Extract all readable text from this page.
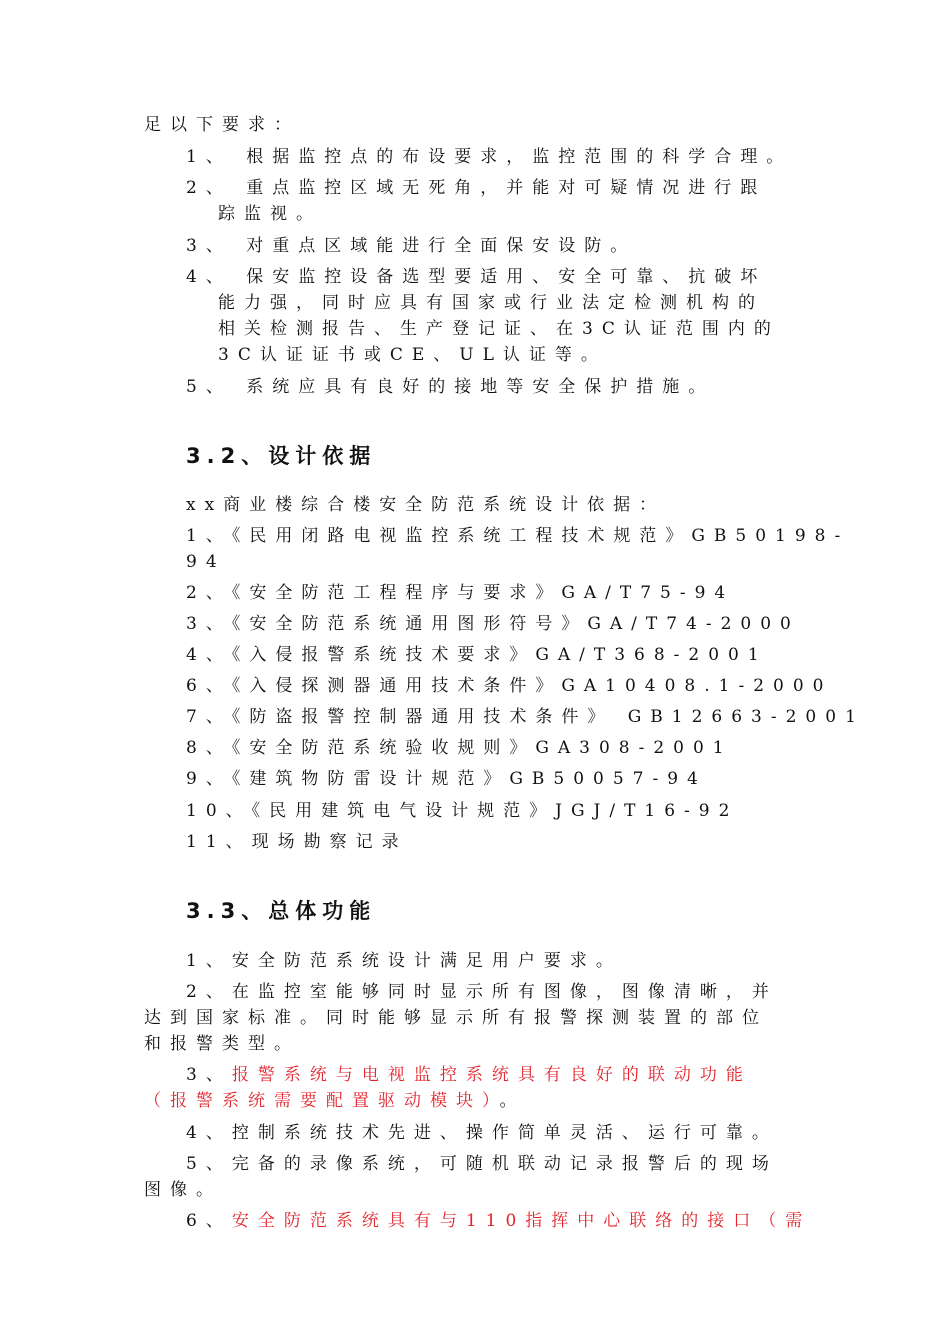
足以下要求：
1、 根据监控点的布设要求，监控范围的科学合理。
2、 重点监控区域无死角，并能对可疑情况进行跟
踪监视。
3、 对重点区域能进行全面保安设防。
4、 保安监控设备选型要适用、安全可靠、抗破坏
能力强，同时应具有国家或行业法定检测机构的
相关检测报告、生产登记证、在3C认证范围内的
3C认证证书或CE、UL认证等。
5、 系统应具有良好的接地等安全保护措施。
3.2、设计依据
xx商业楼综合楼安全防范系统设计依据：
1、《民用闭路电视监控系统工程技术规范》GB50198-
94
2、《安全防范工程程序与要求》GA/T75-94
3、《安全防范系统通用图形符号》GA/T74-2000
4、《入侵报警系统技术要求》GA/T368-2001
6、《入侵探测器通用技术条件》GA10408.1-2000
7、《防盗报警控制器通用技术条件》 GB12663-2001
8、《安全防范系统验收规则》GA308-2001
9、《建筑物防雷设计规范》GB50057-94
10、《民用建筑电气设计规范》JGJ/T16-92
11、现场勘察记录
3.3、总体功能
1、安全防范系统设计满足用户要求。
2、在监控室能够同时显示所有图像，图像清晰，并
达到国家标准。同时能够显示所有报警探测装置的部位
和报警类型。
3、报警系统与电视监控系统具有良好的联动功能
（报警系统需要配置驱动模块）。
4、控制系统技术先进、操作简单灵活、运行可靠。
5、完备的录像系统，可随机联动记录报警后的现场
图像。
6、安全防范系统具有与110指挥中心联络的接口（需
